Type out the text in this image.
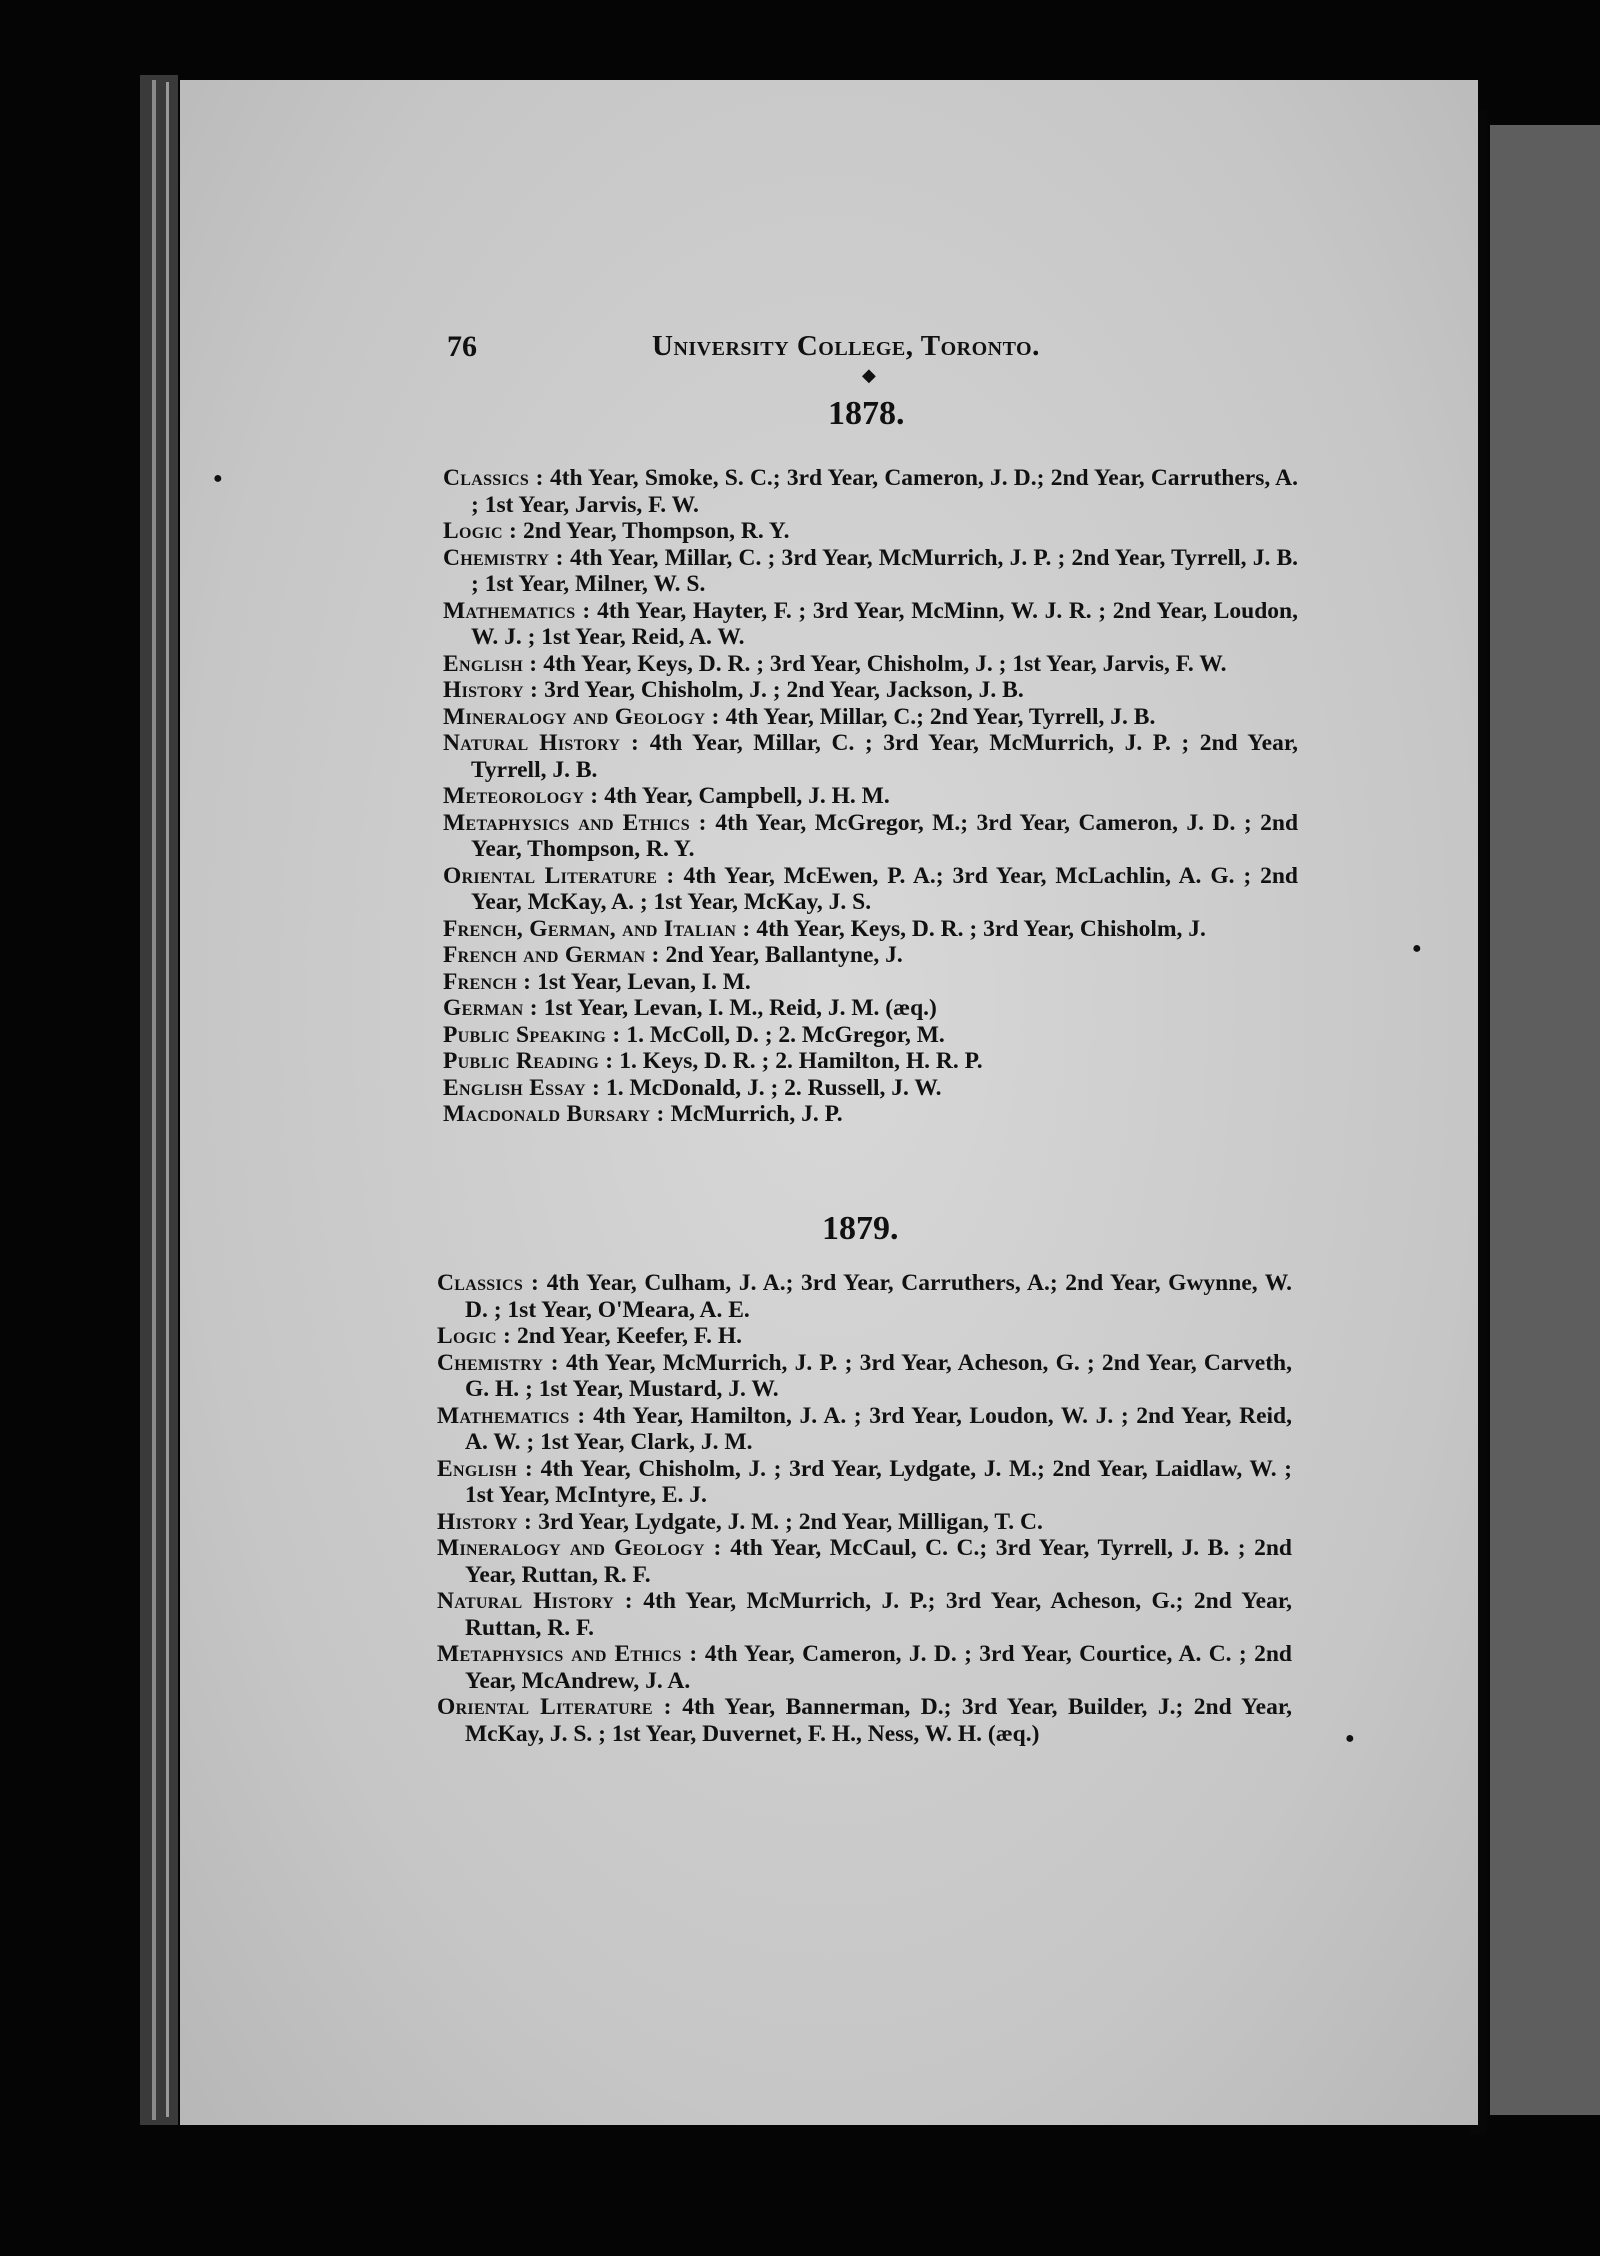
76	University College, Toronto.
◆
1878.

Classics : 4th Year, Smoke, S. C.; 3rd Year, Cameron, J. D.; 2nd Year, Carruthers, A. ; 1st Year, Jarvis, F. W.

Logic : 2nd Year, Thompson, R. Y.

Chemistry : 4th Year, Millar, C. ; 3rd Year, McMurrich, J. P. ; 2nd Year, Tyrrell, J. B. ; 1st Year, Milner, W. S.

Mathematics : 4th Year, Hayter, F. ; 3rd Year, McMinn, W. J. R. ; 2nd Year, Loudon, W. J. ; 1st Year, Reid, A. W.

English : 4th Year, Keys, D. R. ; 3rd Year, Chisholm, J. ; 1st Year, Jarvis, F. W.

History : 3rd Year, Chisholm, J. ; 2nd Year, Jackson, J. B.

Mineralogy and Geology : 4th Year, Millar, C.; 2nd Year, Tyrrell, J. B.

Natural History : 4th Year, Millar, C. ; 3rd Year, McMurrich, J. P. ; 2nd Year, Tyrrell, J. B.

Meteorology : 4th Year, Campbell, J. H. M.

Metaphysics and Ethics : 4th Year, McGregor, M.; 3rd Year, Cameron, J. D. ; 2nd Year, Thompson, R. Y.

Oriental Literature : 4th Year, McEwen, P. A.; 3rd Year, McLachlin, A. G. ; 2nd Year, McKay, A. ; 1st Year, McKay, J. S.

French, German, and Italian : 4th Year, Keys, D. R. ; 3rd Year, Chisholm, J.

French and German : 2nd Year, Ballantyne, J.

French : 1st Year, Levan, I. M.

German : 1st Year, Levan, I. M., Reid, J. M. (æq.)

Public Speaking : 1. McColl, D. ; 2. McGregor, M.

Public Reading : 1. Keys, D. R. ; 2. Hamilton, H. R. P.

English Essay : 1. McDonald, J. ; 2. Russell, J. W.

Macdonald Bursary : McMurrich, J. P.

1879.

Classics : 4th Year, Culham, J. A.; 3rd Year, Carruthers, A.; 2nd Year, Gwynne, W. D. ; 1st Year, O'Meara, A. E.

Logic : 2nd Year, Keefer, F. H.

Chemistry : 4th Year, McMurrich, J. P. ; 3rd Year, Acheson, G. ; 2nd Year, Carveth, G. H. ; 1st Year, Mustard, J. W.

Mathematics : 4th Year, Hamilton, J. A. ; 3rd Year, Loudon, W. J. ; 2nd Year, Reid, A. W. ; 1st Year, Clark, J. M.

English : 4th Year, Chisholm, J. ; 3rd Year, Lydgate, J. M.; 2nd Year, Laidlaw, W. ; 1st Year, McIntyre, E. J.

History : 3rd Year, Lydgate, J. M. ; 2nd Year, Milligan, T. C.

Mineralogy and Geology : 4th Year, McCaul, C. C.; 3rd Year, Tyrrell, J. B. ; 2nd Year, Ruttan, R. F.

Natural History : 4th Year, McMurrich, J. P.; 3rd Year, Acheson, G.; 2nd Year, Ruttan, R. F.

Metaphysics and Ethics : 4th Year, Cameron, J. D. ; 3rd Year, Courtice, A. C. ; 2nd Year, McAndrew, J. A.

Oriental Literature : 4th Year, Bannerman, D.; 3rd Year, Builder, J.; 2nd Year, McKay, J. S. ; 1st Year, Duvernet, F. H., Ness, W. H. (æq.)

●
●
●
